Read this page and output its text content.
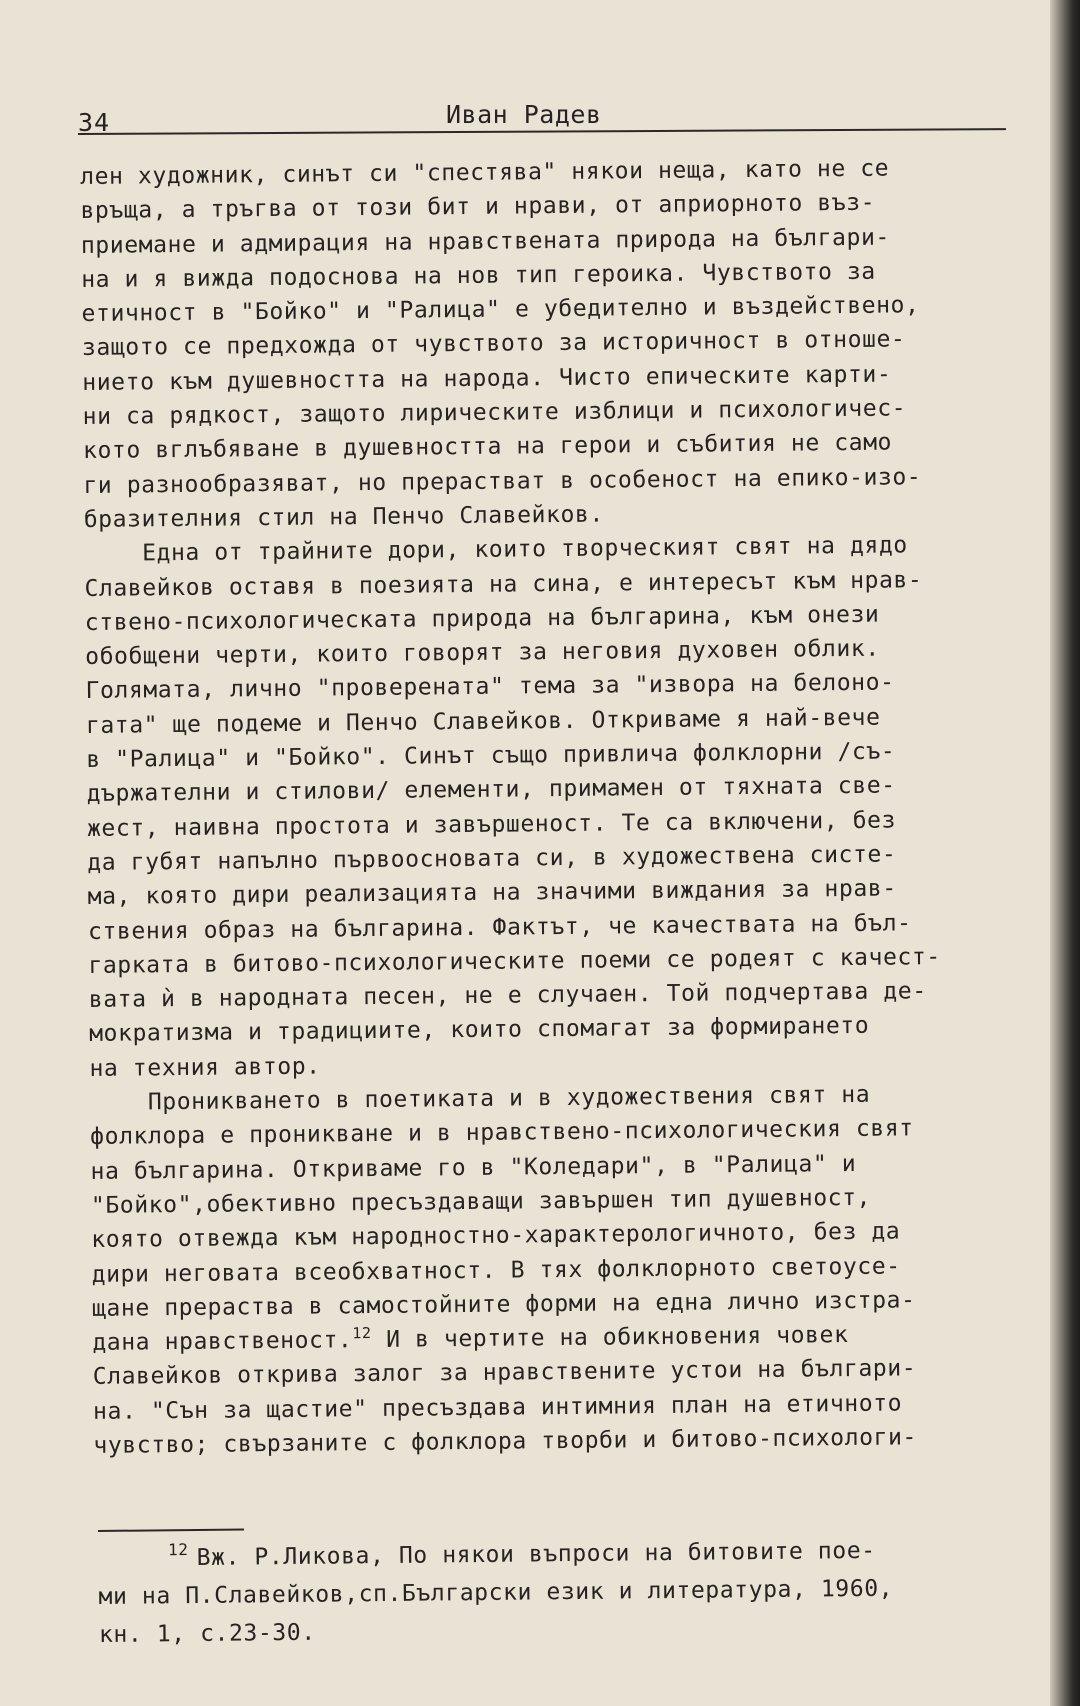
34	Иван Радев
лен художник, синът си "спестява" някои неща, като не се
връща, а тръгва от този бит и нрави, от априорното въз-
приемане и адмирация на нравствената природа на българи-
на и я вижда подоснова на нов тип героика. Чувството за
етичност в "Бойко" и "Ралица" е убедително и въздействено,
защото се предхожда от чувството за историчност в отноше-
нието към душевността на народа. Чисто епическите карти-
ни са рядкост, защото лирическите изблици и психологичес-
кото вглъбяване в душевността на герои и събития не само
ги разнообразяват, но прерастват в особеност на епико-изо-
бразителния стил на Пенчо Славейков.
Една от трайните дори, които творческият свят на дядо
Славейков оставя в поезията на сина, е интересът към нрав-
ствено-психологическата природа на българина, към онези
обобщени черти, които говорят за неговия духовен облик.
Голямата, лично "проверената" тема за "извора на белоно-
гата" ще подеме и Пенчо Славейков. Откриваме я най-вече
в "Ралица" и "Бойко". Синът също привлича фолклорни /съ-
държателни и стилови/ елементи, примамен от тяхната све-
жест, наивна простота и завършеност. Те са включени, без
да губят напълно първоосновата си, в художествена систе-
ма, която дири реализацията на значими виждания за нрав-
ствения образ на българина. Фактът, че качествата на бъл-
гарката в битово-психологическите поеми се родеят с качест-
вата ѝ в народната песен, не е случаен. Той подчертава де-
мократизма и традициите, които спомагат за формирането
на техния автор.
Проникването в поетиката и в художествения свят на
фолклора е проникване и в нравствено-психологическия свят
на българина. Откриваме го в "Коледари", в "Ралица" и
"Бойко",обективно пресъздаващи завършен тип душевност,
която отвежда към народностно-характерологичното, без да
дири неговата всеобхватност. В тях фолклорното светоусе-
щане прераства в самостойните форми на една лично изстра-
дана нравственост.$^{12}$ И в чертите на обикновения човек
Славейков открива залог за нравствените устои на българи-
на. "Сън за щастие" пресъздава интимния план на етичното
чувство; свързаните с фолклора творби и битово-психологи-
$^{12}$ Вж. Р.Ликова, По някои въпроси на битовите пое-
ми на П.Славейков,сп.Български език и литература, 1960,
кн. 1, с.23-30.
